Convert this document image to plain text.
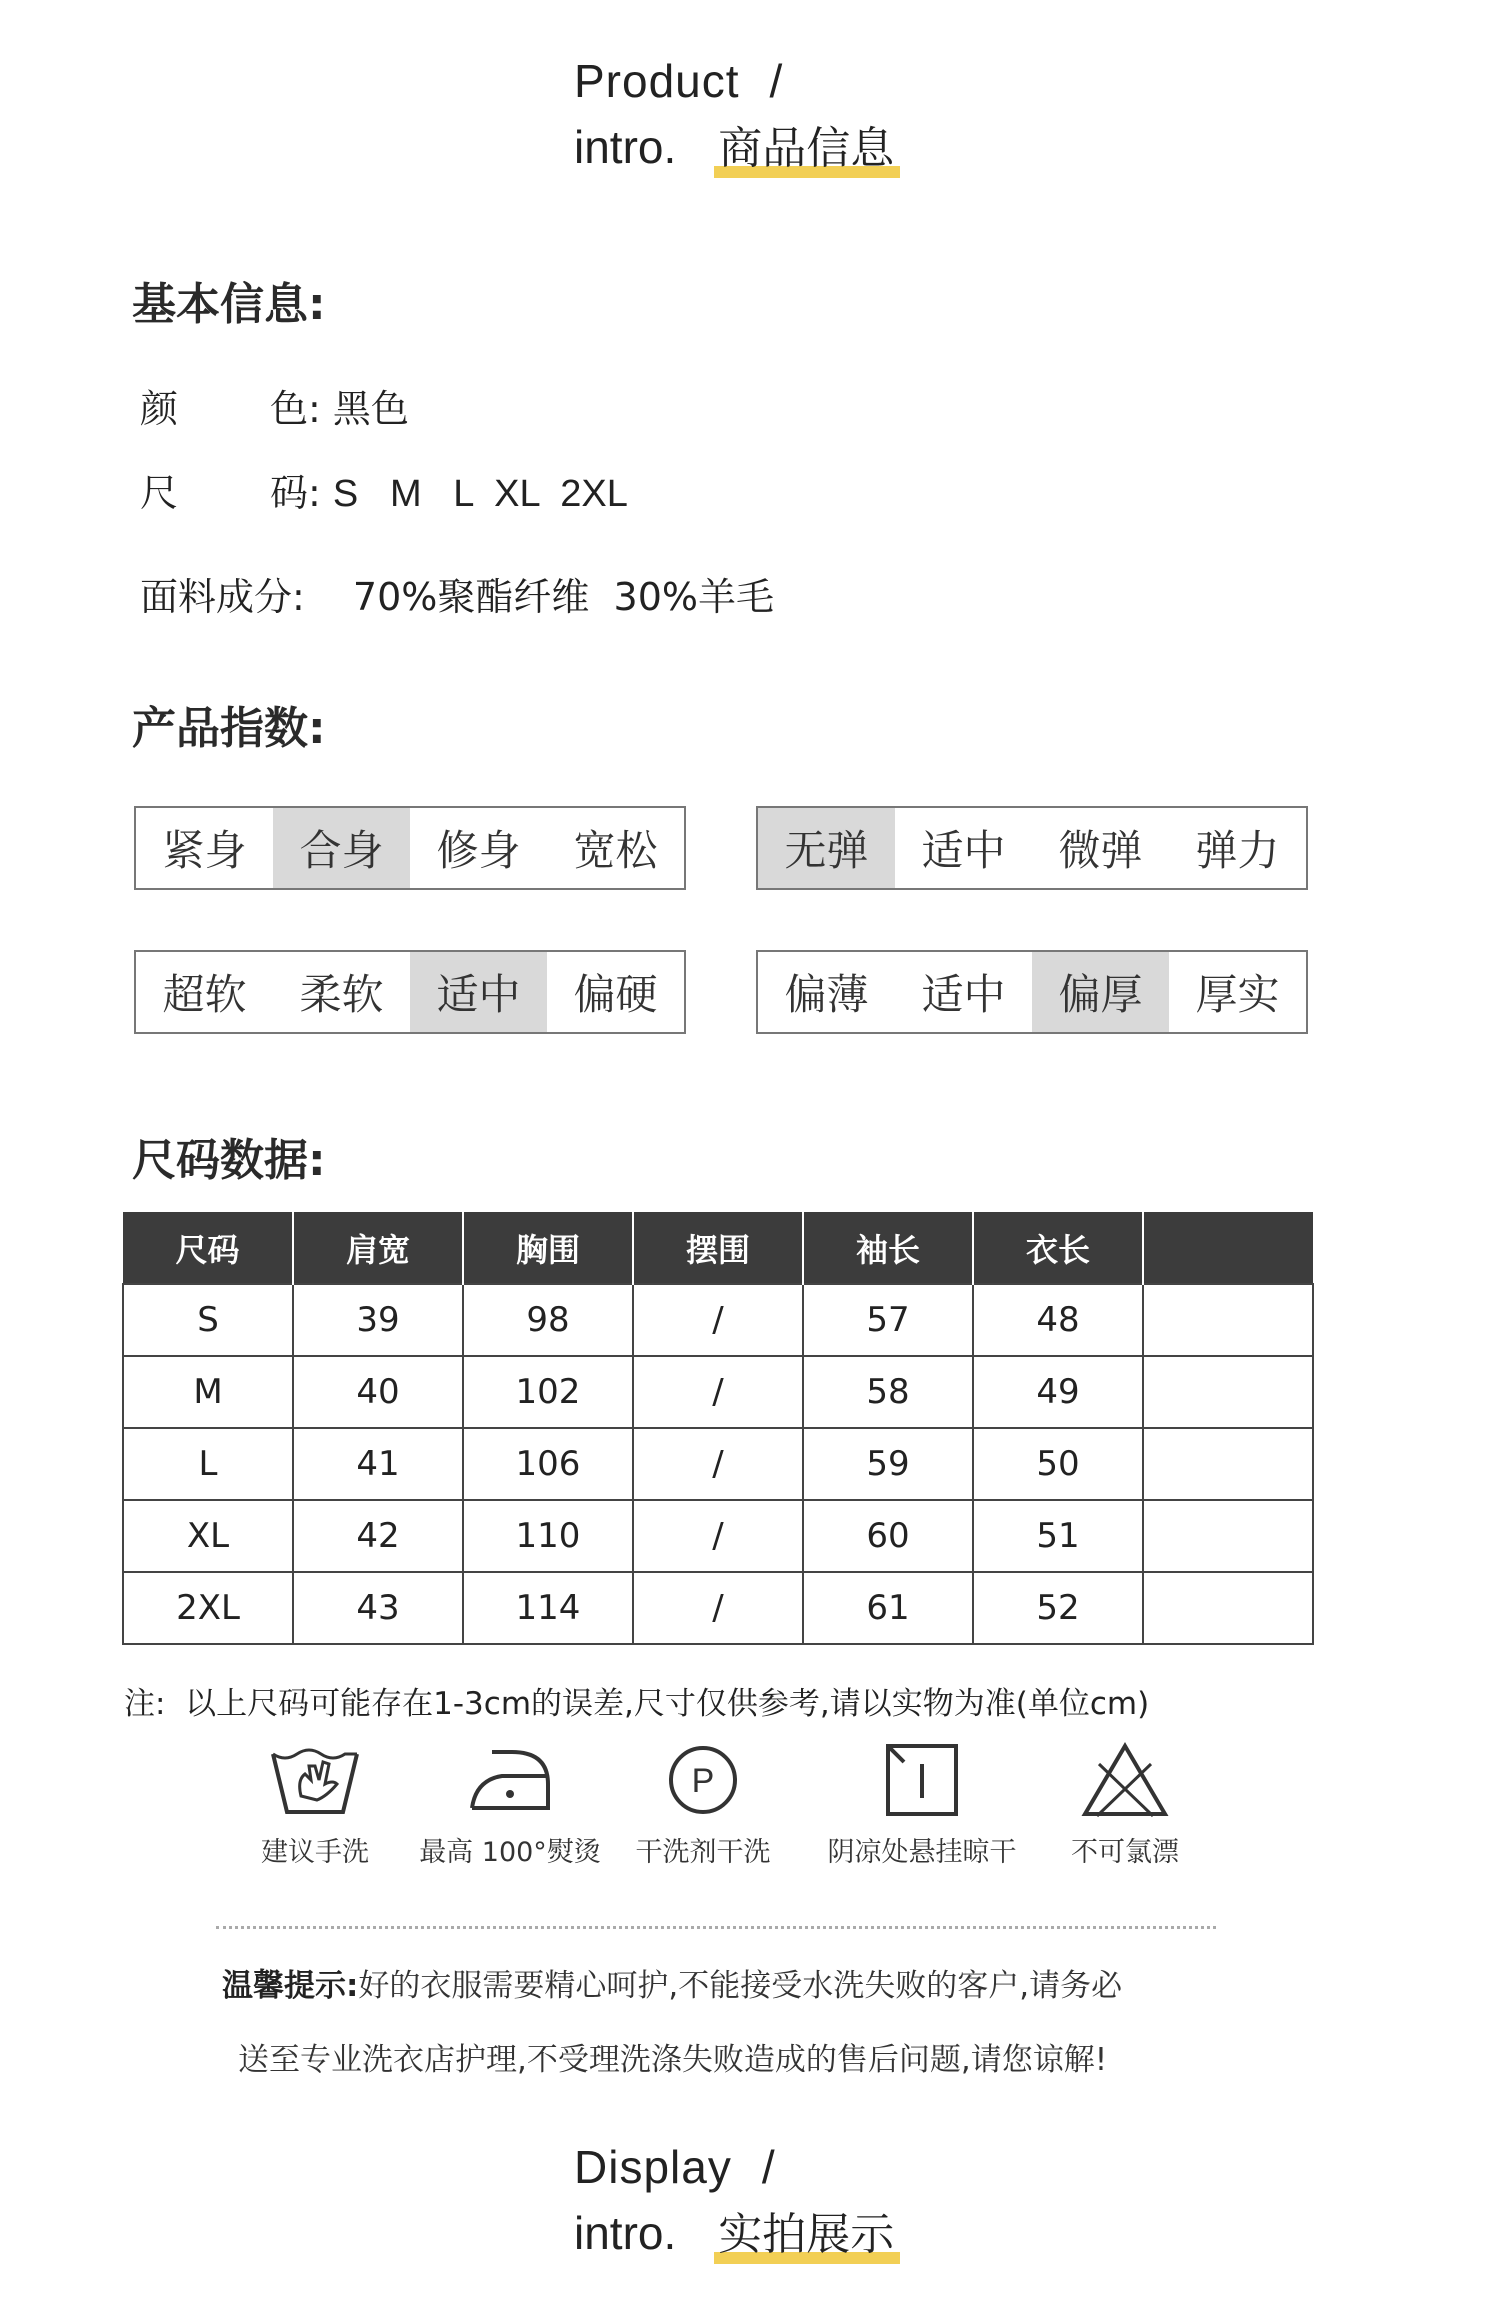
Product /
intro. 商品信息
基本信息:
颜 色: 黑色
尺 码: S   M   L  XL  2XL
面料成分: 70%聚酯纤维  30%羊毛
产品指数:
紧身	合身	修身	宽松	无弹	适中	微弹	弹力
超软	柔软	适中	偏硬	偏薄	适中	偏厚	厚实
尺码数据:
尺码	肩宽	胸围	摆围	袖长	衣长	
S	39	98	/	57	48	
M	40	102	/	58	49	
L	41	106	/	59	50	
XL	42	110	/	60	51	
2XL	43	114	/	61	52	
注:  以上尺码可能存在1-3cm的误差,尺寸仅供参考,请以实物为准(单位cm)
建议手洗	最高 100°熨烫
P
干洗剂干洗	阴凉处悬挂晾干	不可氯漂
温馨提示:好的衣服需要精心呵护,不能接受水洗失败的客户,请务必
送至专业洗衣店护理,不受理洗涤失败造成的售后问题,请您谅解!
Display /
intro. 实拍展示
